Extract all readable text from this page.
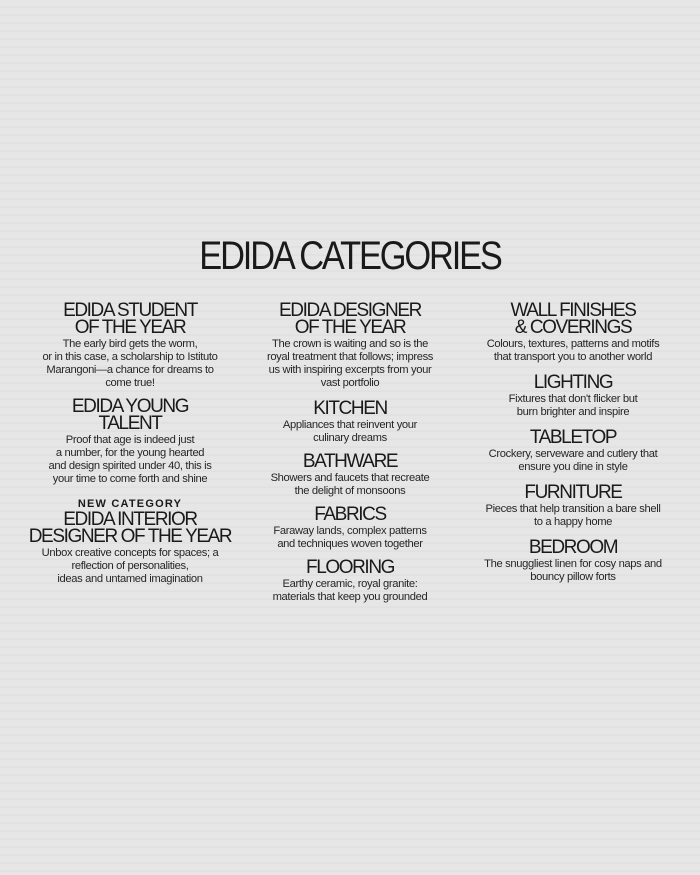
EDIDA CATEGORIES
EDIDA STUDENT
OF THE YEAR

The early bird gets the worm,
or in this case, a scholarship to Istituto
Marangoni—a chance for dreams to
come true!

EDIDA YOUNG
TALENT

Proof that age is indeed just
a number, for the young hearted
and design spirited under 40, this is
your time to come forth and shine

NEW CATEGORY
EDIDA INTERIOR
DESIGNER OF THE YEAR

Unbox creative concepts for spaces; a
reflection of personalities,
ideas and untamed imagination

EDIDA DESIGNER
OF THE YEAR

The crown is waiting and so is the
royal treatment that follows; impress
us with inspiring excerpts from your
vast portfolio

KITCHEN

Appliances that reinvent your
culinary dreams

BATHWARE

Showers and faucets that recreate
the delight of monsoons

FABRICS

Faraway lands, complex patterns
and techniques woven together

FLOORING

Earthy ceramic, royal granite:
materials that keep you grounded

WALL FINISHES
& COVERINGS

Colours, textures, patterns and motifs
that transport you to another world

LIGHTING

Fixtures that don't flicker but
burn brighter and inspire

TABLETOP

Crockery, serveware and cutlery that
ensure you dine in style

FURNITURE

Pieces that help transition a bare shell
to a happy home

BEDROOM

The snuggliest linen for cosy naps and
bouncy pillow forts
